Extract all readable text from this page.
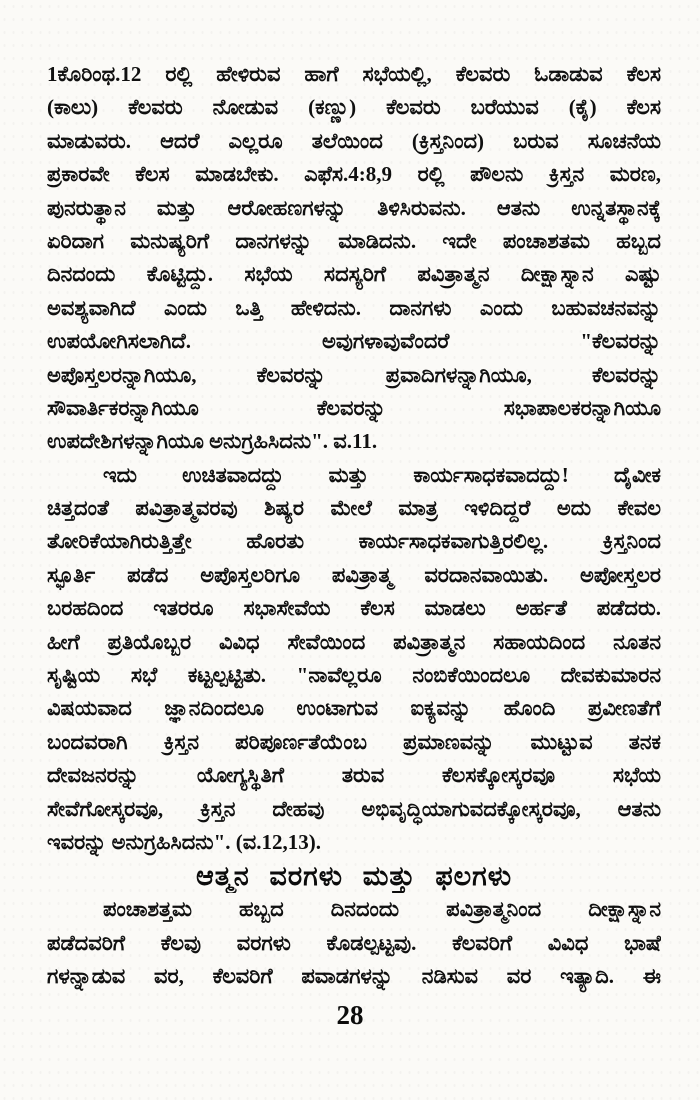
1ಕೊರಿಂಥ.12 ರಲ್ಲಿ ಹೇಳಿರುವ ಹಾಗೆ ಸಭೆಯಲ್ಲಿ, ಕೆಲವರು ಓಡಾಡುವ ಕೆಲಸ
(ಕಾಲು) ಕೆಲವರು ನೋಡುವ (ಕಣ್ಣು) ಕೆಲವರು ಬರೆಯುವ (ಕೈ) ಕೆಲಸ
ಮಾಡುವರು. ಆದರೆ ಎಲ್ಲರೂ ತಲೆಯಿಂದ (ಕ್ರಿಸ್ತನಿಂದ) ಬರುವ ಸೂಚನೆಯ
ಪ್ರಕಾರವೇ ಕೆಲಸ ಮಾಡಬೇಕು. ಎಫೆಸ.4:8,9 ರಲ್ಲಿ ಪೌಲನು ಕ್ರಿಸ್ತನ ಮರಣ,
ಪುನರುತ್ಥಾನ ಮತ್ತು ಆರೋಹಣಗಳನ್ನು ತಿಳಿಸಿರುವನು. ಆತನು ಉನ್ನತಸ್ಥಾನಕ್ಕೆ
ಏರಿದಾಗ ಮನುಷ್ಯರಿಗೆ ದಾನಗಳನ್ನು ಮಾಡಿದನು. ಇದೇ ಪಂಚಾಶತಮ ಹಬ್ಬದ
ದಿನದಂದು ಕೊಟ್ಟಿದ್ದು. ಸಭೆಯ ಸದಸ್ಯರಿಗೆ ಪವಿತ್ರಾತ್ಮನ ದೀಕ್ಷಾಸ್ನಾನ ಎಷ್ಟು
ಅವಶ್ಯವಾಗಿದೆ ಎಂದು ಒತ್ತಿ ಹೇಳಿದನು. ದಾನಗಳು ಎಂದು ಬಹುವಚನವನ್ನು
ಉಪಯೋಗಿಸಲಾಗಿದೆ. ಅವುಗಳಾವುವೆಂದರೆ "ಕೆಲವರನ್ನು
ಅಪೊಸ್ತಲರನ್ನಾಗಿಯೂ, ಕೆಲವರನ್ನು ಪ್ರವಾದಿಗಳನ್ನಾಗಿಯೂ, ಕೆಲವರನ್ನು
ಸೌವಾರ್ತಿಕರನ್ನಾಗಿಯೂ ಕೆಲವರನ್ನು ಸಭಾಪಾಲಕರನ್ನಾಗಿಯೂ
ಉಪದೇಶಿಗಳನ್ನಾಗಿಯೂ ಅನುಗ್ರಹಿಸಿದನು". ವ.11.
ಇದು ಉಚಿತವಾದದ್ದು ಮತ್ತು ಕಾರ್ಯಸಾಧಕವಾದದ್ದು! ದೈವೀಕ
ಚಿತ್ತದಂತೆ ಪವಿತ್ರಾತ್ಮವರವು ಶಿಷ್ಯರ ಮೇಲೆ ಮಾತ್ರ ಇಳಿದಿದ್ದರೆ ಅದು ಕೇವಲ
ತೋರಿಕೆಯಾಗಿರುತ್ತಿತ್ತೇ ಹೊರತು ಕಾರ್ಯಸಾಧಕವಾಗುತ್ತಿರಲಿಲ್ಲ. ಕ್ರಿಸ್ತನಿಂದ
ಸ್ಫೂರ್ತಿ ಪಡೆದ ಅಪೊಸ್ತಲರಿಗೂ ಪವಿತ್ರಾತ್ಮ ವರದಾನವಾಯಿತು. ಅಪೋಸ್ತಲರ
ಬರಹದಿಂದ ಇತರರೂ ಸಭಾಸೇವೆಯ ಕೆಲಸ ಮಾಡಲು ಅರ್ಹತೆ ಪಡೆದರು.
ಹೀಗೆ ಪ್ರತಿಯೊಬ್ಬರ ವಿವಿಧ ಸೇವೆಯಿಂದ ಪವಿತ್ರಾತ್ಮನ ಸಹಾಯದಿಂದ ನೂತನ
ಸೃಷ್ಟಿಯ ಸಭೆ ಕಟ್ಟಲ್ಪಟ್ಟಿತು. "ನಾವೆಲ್ಲರೂ ನಂಬಿಕೆಯಿಂದಲೂ ದೇವಕುಮಾರನ
ವಿಷಯವಾದ ಜ್ಞಾನದಿಂದಲೂ ಉಂಟಾಗುವ ಐಕ್ಯವನ್ನು ಹೊಂದಿ ಪ್ರವೀಣತೆಗೆ
ಬಂದವರಾಗಿ ಕ್ರಿಸ್ತನ ಪರಿಪೂರ್ಣತೆಯೆಂಬ ಪ್ರಮಾಣವನ್ನು ಮುಟ್ಟುವ ತನಕ
ದೇವಜನರನ್ನು ಯೋಗ್ಯಸ್ಥಿತಿಗೆ ತರುವ ಕೆಲಸಕ್ಕೋಸ್ಕರವೂ ಸಭೆಯ
ಸೇವೆಗೋಸ್ಕರವೂ, ಕ್ರಿಸ್ತನ ದೇಹವು ಅಭಿವೃದ್ಧಿಯಾಗುವದಕ್ಕೋಸ್ಕರವೂ, ಆತನು
ಇವರನ್ನು ಅನುಗ್ರಹಿಸಿದನು". (ವ.12,13).
ಆತ್ಮನ ವರಗಳು ಮತ್ತು ಫಲಗಳು
ಪಂಚಾಶತ್ತಮ ಹಬ್ಬದ ದಿನದಂದು ಪವಿತ್ರಾತ್ಮನಿಂದ ದೀಕ್ಷಾಸ್ನಾನ
ಪಡೆದವರಿಗೆ ಕೆಲವು ವರಗಳು ಕೊಡಲ್ಪಟ್ಟವು. ಕೆಲವರಿಗೆ ವಿವಿಧ ಭಾಷೆ
ಗಳನ್ನಾಡುವ ವರ, ಕೆಲವರಿಗೆ ಪವಾಡಗಳನ್ನು ನಡಿಸುವ ವರ ಇತ್ಯಾದಿ. ಈ
28
